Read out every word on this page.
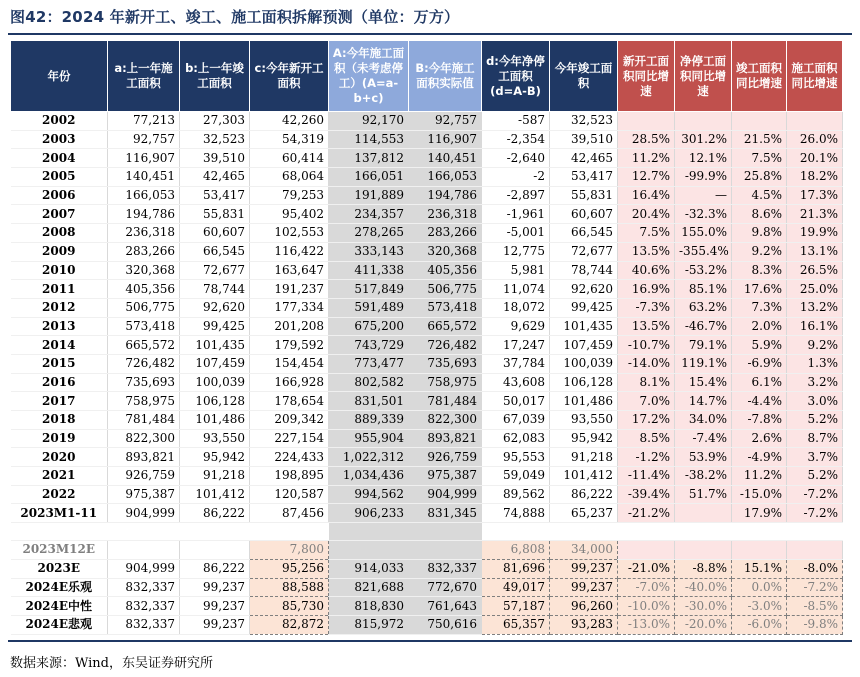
图42：2024 年新开工、竣工、施工面积拆解预测（单位：万方）
年份	a:上一年施工面积	b:上一年竣工面积	c:今年新开工面积	A:今年施工面积（未考虑停工）(A=a-b+c)	B:今年施工面积实际值	d:今年净停工面积(d=A-B)	今年竣工面积	新开工面积同比增速	净停工面积同比增速	竣工面积同比增速	施工面积同比增速
2002	77,213	27,303	42,260	92,170	92,757	-587	32,523				
2003	92,757	32,523	54,319	114,553	116,907	-2,354	39,510	28.5%	301.2%	21.5%	26.0%
2004	116,907	39,510	60,414	137,812	140,451	-2,640	42,465	11.2%	12.1%	7.5%	20.1%
2005	140,451	42,465	68,064	166,051	166,053	-2	53,417	12.7%	-99.9%	25.8%	18.2%
2006	166,053	53,417	79,253	191,889	194,786	-2,897	55,831	16.4%	—	4.5%	17.3%
2007	194,786	55,831	95,402	234,357	236,318	-1,961	60,607	20.4%	-32.3%	8.6%	21.3%
2008	236,318	60,607	102,553	278,265	283,266	-5,001	66,545	7.5%	155.0%	9.8%	19.9%
2009	283,266	66,545	116,422	333,143	320,368	12,775	72,677	13.5%	-355.4%	9.2%	13.1%
2010	320,368	72,677	163,647	411,338	405,356	5,981	78,744	40.6%	-53.2%	8.3%	26.5%
2011	405,356	78,744	191,237	517,849	506,775	11,074	92,620	16.9%	85.1%	17.6%	25.0%
2012	506,775	92,620	177,334	591,489	573,418	18,072	99,425	-7.3%	63.2%	7.3%	13.2%
2013	573,418	99,425	201,208	675,200	665,572	9,629	101,435	13.5%	-46.7%	2.0%	16.1%
2014	665,572	101,435	179,592	743,729	726,482	17,247	107,459	-10.7%	79.1%	5.9%	9.2%
2015	726,482	107,459	154,454	773,477	735,693	37,784	100,039	-14.0%	119.1%	-6.9%	1.3%
2016	735,693	100,039	166,928	802,582	758,975	43,608	106,128	8.1%	15.4%	6.1%	3.2%
2017	758,975	106,128	178,654	831,501	781,484	50,017	101,486	7.0%	14.7%	-4.4%	3.0%
2018	781,484	101,486	209,342	889,339	822,300	67,039	93,550	17.2%	34.0%	-7.8%	5.2%
2019	822,300	93,550	227,154	955,904	893,821	62,083	95,942	8.5%	-7.4%	2.6%	8.7%
2020	893,821	95,942	224,433	1,022,312	926,759	95,553	91,218	-1.2%	53.9%	-4.9%	3.7%
2021	926,759	91,218	198,895	1,034,436	975,387	59,049	101,412	-11.4%	-38.2%	11.2%	5.2%
2022	975,387	101,412	120,587	994,562	904,999	89,562	86,222	-39.4%	51.7%	-15.0%	-7.2%
2023M1-11	904,999	86,222	87,456	906,233	831,345	74,888	65,237	-21.2%		17.9%	-7.2%

2023M12E			7,800			6,808	34,000				
2023E	904,999	86,222	95,256	914,033	832,337	81,696	99,237	-21.0%	-8.8%	15.1%	-8.0%
2024E乐观	832,337	99,237	88,588	821,688	772,670	49,017	99,237	-7.0%	-40.0%	0.0%	-7.2%
2024E中性	832,337	99,237	85,730	818,830	761,643	57,187	96,260	-10.0%	-30.0%	-3.0%	-8.5%
2024E悲观	832,337	99,237	82,872	815,972	750,616	65,357	93,283	-13.0%	-20.0%	-6.0%	-9.8%
数据来源：Wind，东吴证券研究所
